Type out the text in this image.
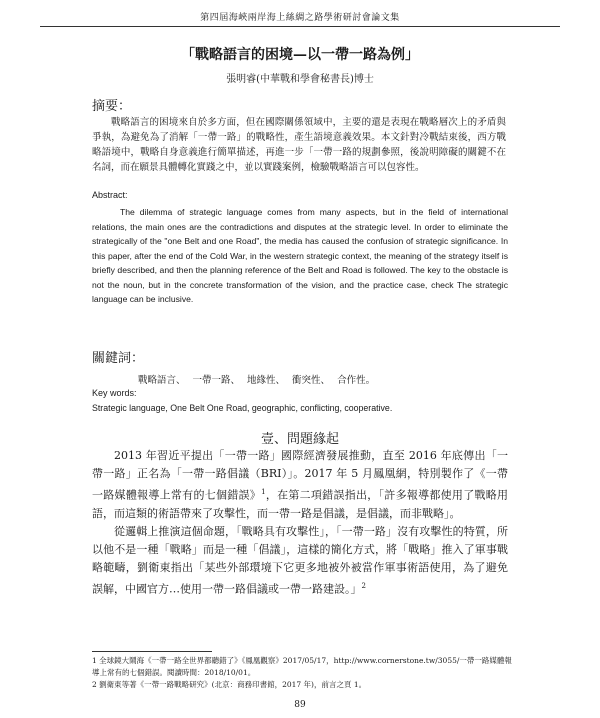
第四屆海峽兩岸海上絲綢之路學術研討會論文集
「戰略語言的困境—以一帶一路為例」
張明睿(中華戰和學會秘書長)博士
摘要：
戰略語言的困境來自於多方面，但在國際關係領域中，主要的還是表現在戰略層次上的矛盾與爭執，為避免為了消解「一帶一路」的戰略性，產生語境意義效果。本文針對冷戰結束後，西方戰略語境中，戰略自身意義進行簡單描述，再進一步「一帶一路的規劃參照，後說明障礙的關鍵不在名詞，而在願景具體轉化實踐之中，並以實踐案例，檢驗戰略語言可以包容性。
Abstract:
The dilemma of strategic language comes from many aspects, but in the field of international relations, the main ones are the contradictions and disputes at the strategic level. In order to eliminate the strategically of the "one Belt and one Road", the media has caused the confusion of strategic significance. In this paper, after the end of the Cold War, in the western strategic context, the meaning of the strategy itself is briefly described, and then the planning reference of the Belt and Road is followed. The key to the obstacle is not the noun, but in the concrete transformation of the vision, and the practice case, check The strategic language can be inclusive.
關鍵詞：
戰略語言、 一帶一路、 地緣性、 衝突性、 合作性。
Key words:
Strategic language, One Belt One Road, geographic, conflicting, cooperative.
壹、問題緣起

2013 年習近平提出「一帶一路」國際經濟發展推動，直至 2016 年底傳出「一帶一路」正名為「一帶一路倡議（BRI）」。2017 年 5 月鳳凰網，特別製作了《一帶一路媒體報導上常有的七個錯誤》$^1$，在第二項錯誤指出，「許多報導都使用了戰略用語，而這類的術語帶來了攻擊性，而一帶一路是倡議，是倡議，而非戰略」。

從邏輯上推演這個命題，「戰略具有攻擊性」，「一帶一路」沒有攻擊性的特質，所以他不是一種「戰略」而是一種「倡議」，這樣的簡化方式，將「戰略」推入了軍事戰略範疇，劉衛東指出「某些外部環境下它更多地被外被當作軍事術語使用，為了避免誤解，中國官方…使用一帶一路倡議或一帶一路建設。」$^2$

1 全球鏡大鬧海《一帶一路全世界都聽錯了》《鳳凰觀察》2017/05/17，http://www.cornerstone.tw/3055/一帶一路媒體報導上常有的七個錯誤。閱讀時間：2018/10/01。
2 劉衛東等著《一帶一路戰略研究》(北京：商務印書館，2017 年)，前言之頁 1。
89
